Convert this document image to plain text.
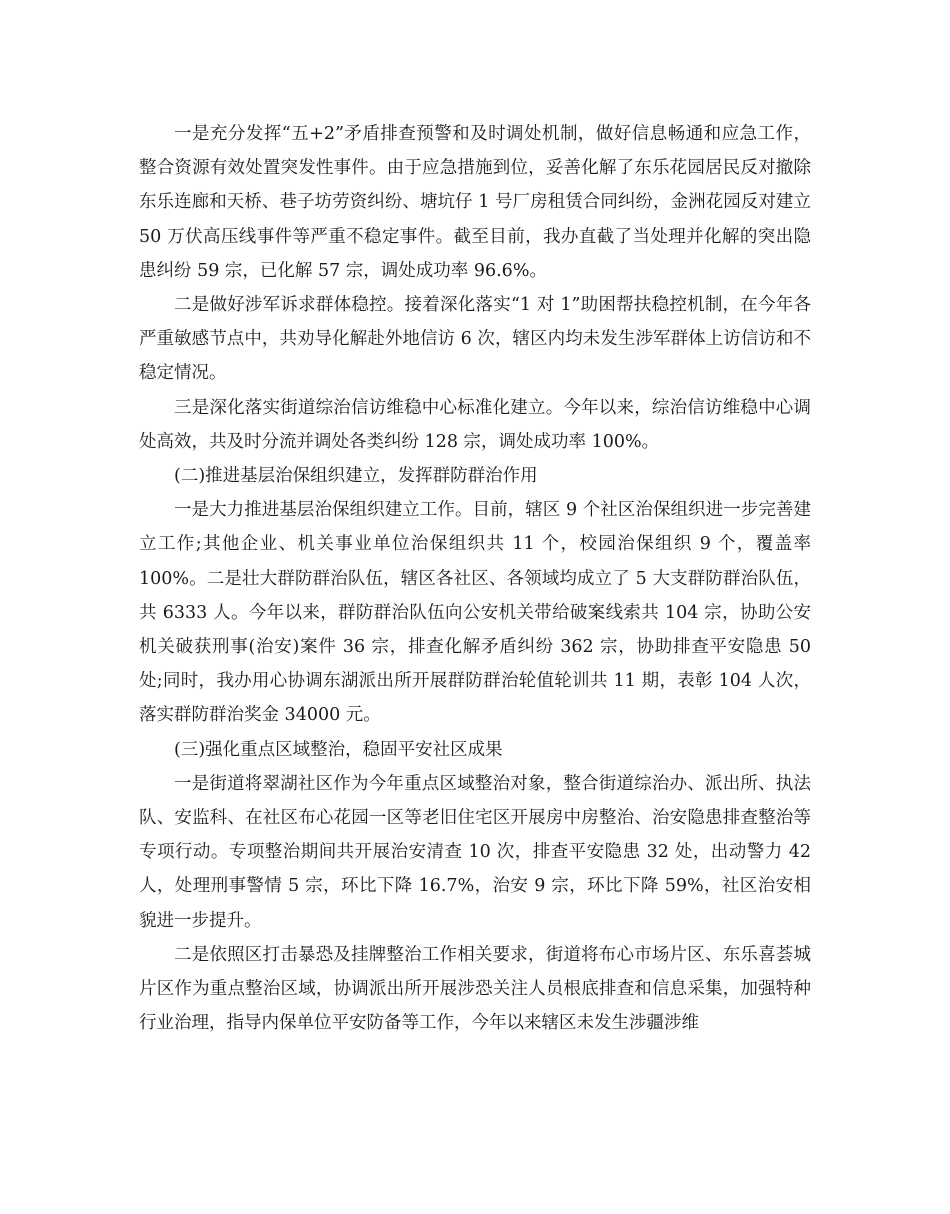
一是充分发挥“五+2”矛盾排查预警和及时调处机制，做好信息畅通和应急工作，整合资源有效处置突发性事件。由于应急措施到位，妥善化解了东乐花园居民反对撤除东乐连廊和天桥、巷子坊劳资纠纷、塘坑仔 1 号厂房租赁合同纠纷，金洲花园反对建立 50 万伏高压线事件等严重不稳定事件。截至目前，我办直截了当处理并化解的突出隐患纠纷 59 宗，已化解 57 宗，调处成功率 96.6%。

二是做好涉军诉求群体稳控。接着深化落实“1 对 1”助困帮扶稳控机制，在今年各严重敏感节点中，共劝导化解赴外地信访 6 次，辖区内均未发生涉军群体上访信访和不稳定情况。

三是深化落实街道综治信访维稳中心标准化建立。今年以来，综治信访维稳中心调处高效，共及时分流并调处各类纠纷 128 宗，调处成功率 100%。

(二)推进基层治保组织建立，发挥群防群治作用

一是大力推进基层治保组织建立工作。目前，辖区 9 个社区治保组织进一步完善建立工作;其他企业、机关事业单位治保组织共 11 个，校园治保组织 9 个，覆盖率 100%。二是壮大群防群治队伍，辖区各社区、各领域均成立了 5 大支群防群治队伍，共 6333 人。今年以来，群防群治队伍向公安机关带给破案线索共 104 宗，协助公安机关破获刑事(治安)案件 36 宗，排查化解矛盾纠纷 362 宗，协助排查平安隐患 50 处;同时，我办用心协调东湖派出所开展群防群治轮值轮训共 11 期，表彰 104 人次，落实群防群治奖金 34000 元。

(三)强化重点区域整治，稳固平安社区成果

一是街道将翠湖社区作为今年重点区域整治对象，整合街道综治办、派出所、执法队、安监科、在社区布心花园一区等老旧住宅区开展房中房整治、治安隐患排查整治等专项行动。专项整治期间共开展治安清查 10 次，排查平安隐患 32 处，出动警力 42 人，处理刑事警情 5 宗，环比下降 16.7%，治安 9 宗，环比下降 59%，社区治安相貌进一步提升。

二是依照区打击暴恐及挂牌整治工作相关要求，街道将布心市场片区、东乐喜荟城片区作为重点整治区域，协调派出所开展涉恐关注人员根底排查和信息采集，加强特种行业治理，指导内保单位平安防备等工作，今年以来辖区未发生涉疆涉维
